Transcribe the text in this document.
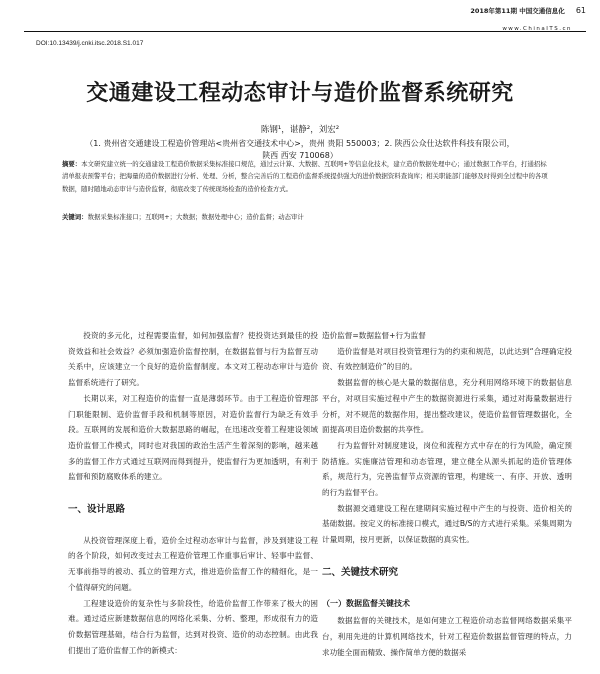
2018年第11期 中国交通信息化 61
www.ChinaITS.cn
DOI:10.13439/j.cnki.itsc.2018.S1.017
交通建设工程动态审计与造价监督系统研究
陈钢¹，谌静²，刘宏²
（1. 贵州省交通建设工程造价管理站<贵州省交通技术中心>，贵州 贵阳 550003；2. 陕西公众仕达软件科技有限公司，
陕西 西安 710068）
摘要：本文研究建立统一的交通建设工程造价数据采集标准接口规范，通过云计算、大数据、互联网+等信息化技术，建立造价数据处理中心；通过数据工作平台，打通招标清单报表预警平台；把海量的造价数据进行分析、处理、分析，整合完善后的工程造价监督系统提供强大的进价数据资料查询库；相关职能部门能够及时得到全过程中的各项数据，随时随地动态审计与造价监督，彻底改变了传统现场检查的造价检查方式。
关键词：数据采集标准接口；互联网+；大数据；数据处理中心；造价监督；动态审计

投资的多元化，过程需要监督，如何加强监督？使投资达到最佳的投资效益和社会效益？必须加强造价监督控制，在数据监督与行为监督互动关系中，应该建立一个良好的造价监督制度。本文对工程动态审计与造价监督系统进行了研究。

长期以来，对工程造价的监督一直是薄弱环节。由于工程造价管理部门职能限制、造价监督手段和机制等原因，对造价监督行为缺乏有效手段。互联网的发展和造价大数据思路的崛起，在迅速改变着工程建设领域造价监督工作模式，同时也对我国的政治生活产生着深刻的影响，越来越多的监督工作方式通过互联网而得到提升，使监督行为更加透明，有利于监督和预防腐败体系的建立。

一、设计思路

从投资管理深度上看，造价全过程动态审计与监督，涉及到建设工程的各个阶段，如何改变过去工程造价管理工作重事后审计、轻事中监督、无事前指导的被动、孤立的管理方式，推进造价监督工作的精细化，是一个值得研究的问题。

工程建设造价的复杂性与多阶段性，给造价监督工作带来了极大的困难。通过适应新建数据信息的网络化采集、分析、整理，形成很有力的造价数据管理基础，结合行为监督，达到对投资、造价的动态控制。由此我们提出了造价监督工作的新模式：

造价监督=数据监督+行为监督

造价监督是对项目投资管理行为的约束和规范，以此达到“合理确定投资、有效控制造价”的目的。

数据监督的核心是大量的数据信息，充分利用网络环境下的数据信息平台，对项目实施过程中产生的数据资源进行采集，通过对海量数据进行分析，对不规范的数据作用，提出整改建议，使造价监督管理数据化，全面提高项目造价数据的共享性。

行为监督针对制度建设，岗位和流程方式中存在的行为风险，确定预防措施。实施廉洁管理和动态管理，建立健全从源头抓起的造价管理体系，规范行为，完善监督节点资源的管理，构建统一、有序、开放、透明的行为监督平台。

数据源交通建设工程在建期间实施过程中产生的与投资、造价相关的基础数据。按定义的标准接口模式，通过B/S的方式进行采集。采集周期为计量周期，按月更新，以保证数据的真实性。

二、关键技术研究
（一）数据监督关键技术

数据监督的关键技术，是如何建立工程造价动态监督网络数据采集平台，利用先进的计算机网络技术，针对工程造价数据监督管理的特点，力求功能全面而精致、操作简单方便的数据采
